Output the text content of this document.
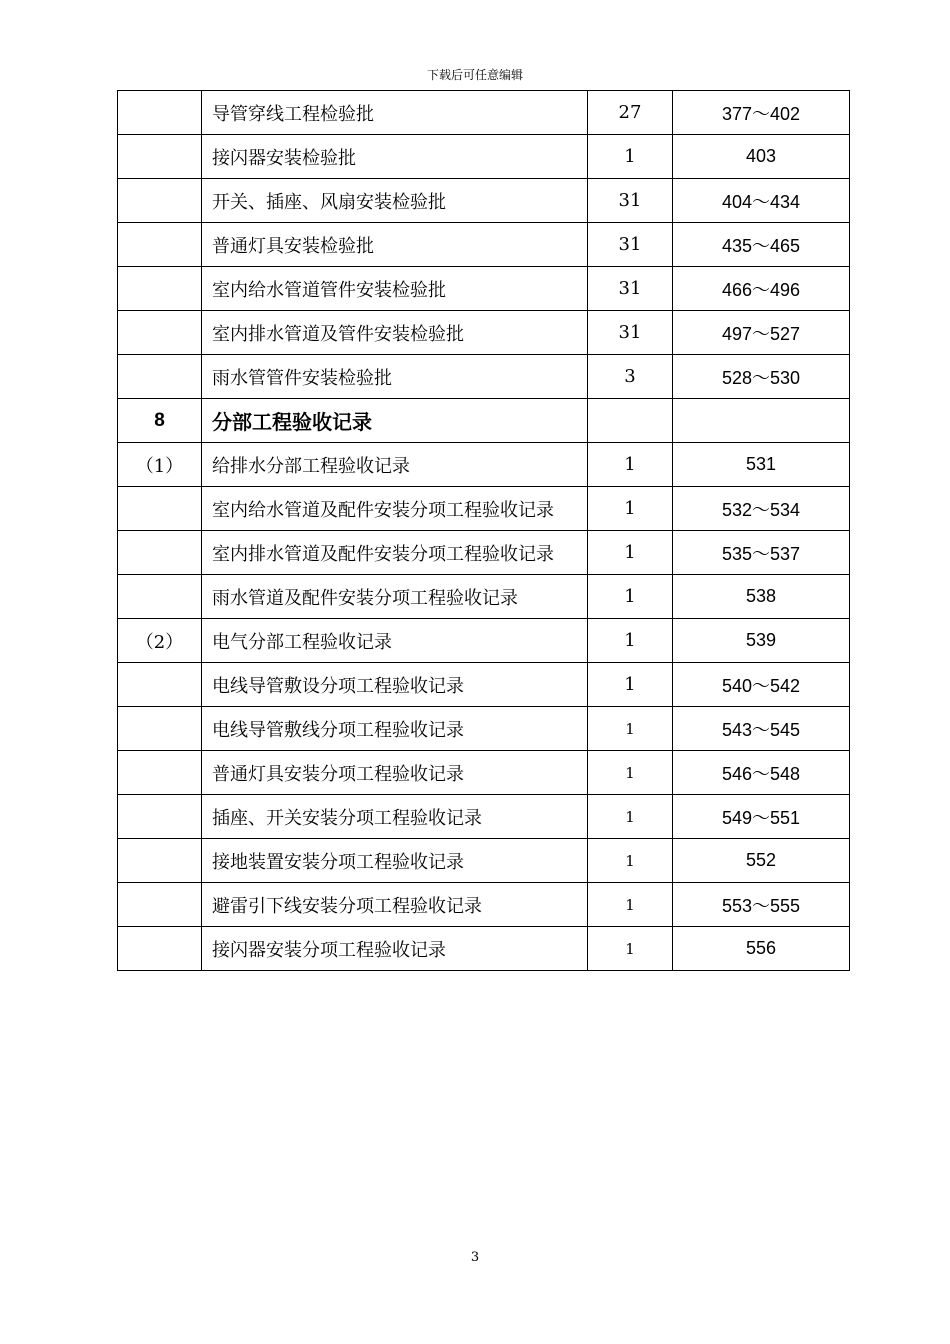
下载后可任意编辑
	导管穿线工程检验批	27	377～402
	接闪器安装检验批	1	403
	开关、插座、风扇安装检验批	31	404～434
	普通灯具安装检验批	31	435～465
	室内给水管道管件安装检验批	31	466～496
	室内排水管道及管件安装检验批	31	497～527
	雨水管管件安装检验批	3	528～530
8	分部工程验收记录		
（1）	给排水分部工程验收记录	1	531
	室内给水管道及配件安装分项工程验收记录	1	532～534
	室内排水管道及配件安装分项工程验收记录	1	535～537
	雨水管道及配件安装分项工程验收记录	1	538
（2）	电气分部工程验收记录	1	539
	电线导管敷设分项工程验收记录	1	540～542
	电线导管敷线分项工程验收记录	1	543～545
	普通灯具安装分项工程验收记录	1	546～548
	插座、开关安装分项工程验收记录	1	549～551
	接地装置安装分项工程验收记录	1	552
	避雷引下线安装分项工程验收记录	1	553～555
	接闪器安装分项工程验收记录	1	556
3
